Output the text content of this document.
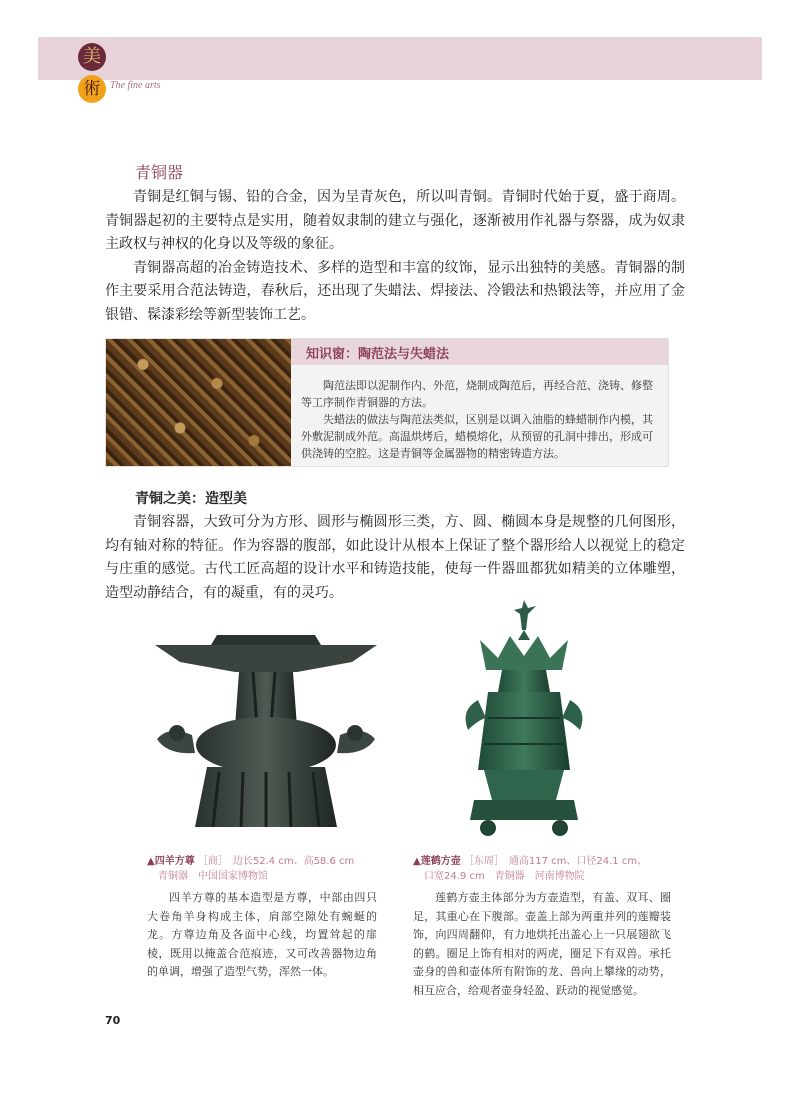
美
術 The fine arts
青铜器

青铜是红铜与锡、铅的合金，因为呈青灰色，所以叫青铜。青铜时代始于夏，盛于商周。青铜器起初的主要特点是实用，随着奴隶制的建立与强化，逐渐被用作礼器与祭器，成为奴隶主政权与神权的化身以及等级的象征。

青铜器高超的冶金铸造技术、多样的造型和丰富的纹饰，显示出独特的美感。青铜器的制作主要采用合范法铸造，春秋后，还出现了失蜡法、焊接法、冷锻法和热锻法等，并应用了金银错、髹漆彩绘等新型装饰工艺。

知识窗：陶范法与失蜡法

陶范法即以泥制作内、外范，烧制成陶范后，再经合范、浇铸、修整等工序制作青铜器的方法。

失蜡法的做法与陶范法类似，区别是以调入油脂的蜂蜡制作内模，其外敷泥制成外范。高温烘烤后，蜡模熔化，从预留的孔洞中排出，形成可供浇铸的空腔。这是青铜等金属器物的精密铸造方法。

青铜之美：造型美

青铜容器，大致可分为方形、圆形与椭圆形三类，方、圆、椭圆本身是规整的几何图形，均有轴对称的特征。作为容器的腹部，如此设计从根本上保证了整个器形给人以视觉上的稳定与庄重的感觉。古代工匠高超的设计水平和铸造技能，使每一件器皿都犹如精美的立体雕塑，造型动静结合，有的凝重，有的灵巧。

▲四羊方尊 ［商］　边长52.4 cm、高58.6 cm
青铜器　中国国家博物馆
四羊方尊的基本造型是方尊，中部由四只大卷角羊身构成主体，肩部空隙处有蜿蜒的龙。方尊边角及各面中心线，均置耸起的扉棱，既用以掩盖合范痕迹，又可改善器物边角的单调，增强了造型气势，浑然一体。
▲莲鹤方壶 ［东周］　通高117 cm、口径24.1 cm、
口宽24.9 cm　青铜器　河南博物院
莲鹤方壶主体部分为方壶造型，有盖、双耳、圈足，其重心在下腹部。壶盖上部为两重并列的莲瓣装饰，向四周翻仰，有力地烘托出盖心上一只展翅欲飞的鹤。圈足上饰有相对的两虎，圈足下有双兽。承托壶身的兽和壶体所有附饰的龙、兽向上攀缘的动势，相互应合，给观者壶身轻盈、跃动的视觉感觉。
70
